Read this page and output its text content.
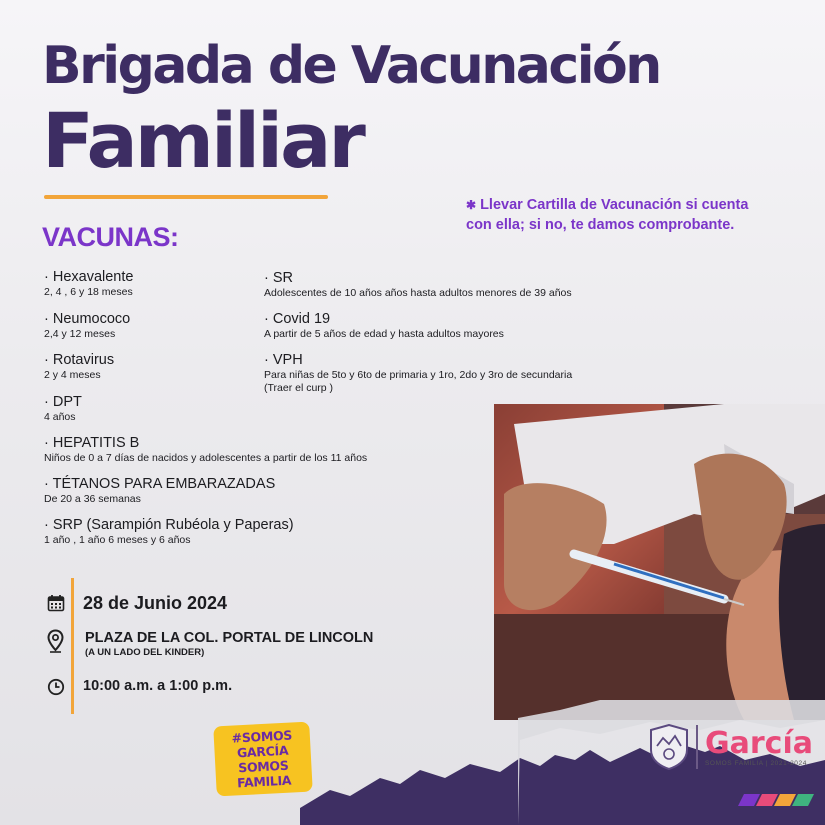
Brigada de Vacunación
Familiar
✱ Llevar Cartilla de Vacunación si cuenta con ella; si no, te damos comprobante.
VACUNAS:
· Hexavalente
2, 4 , 6 y 18 meses
· Neumococo
2,4 y 12 meses
· Rotavirus
2 y 4 meses
· DPT
4 años
· HEPATITIS B
Niños de 0 a 7 días de nacidos y adolescentes a partir de los 11 años
· TÉTANOS PARA EMBARAZADAS
De 20 a 36 semanas
· SRP (Sarampión Rubéola y Paperas)
1 año , 1 año 6 meses y 6 años
· SR
Adolescentes de 10 años años hasta adultos menores de 39 años
· Covid 19
A partir de 5 años de edad y hasta adultos mayores
· VPH
Para niñas de 5to y 6to de primaria y 1ro, 2do y 3ro de secundaria
(Traer el curp )
28 de Junio 2024
PLAZA DE LA COL. PORTAL DE LINCOLN
(A UN LADO DEL KINDER)
10:00 a.m. a 1:00 p.m.
#SOMOS
GARCÍA
SOMOS
FAMILIA
García
SOMOS FAMILIA | 2021-2024
